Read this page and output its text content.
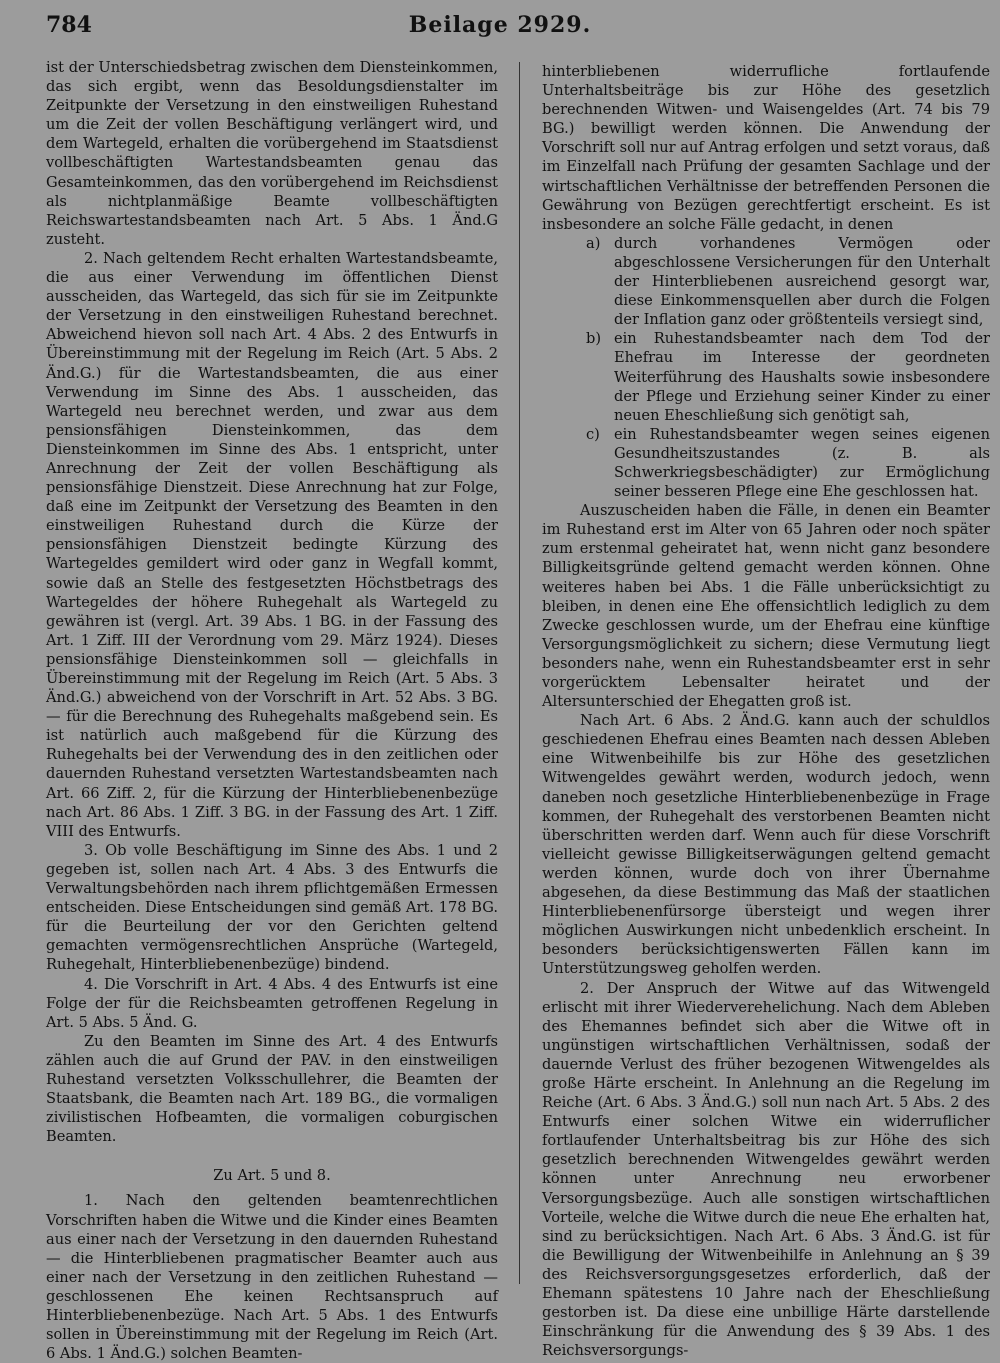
784	Beilage 2929.

ist der Unterschiedsbetrag zwischen dem Diensteinkommen, das sich ergibt, wenn das Besoldungsdienstalter im Zeitpunkte der Versetzung in den einstweiligen Ruhestand um die Zeit der vollen Beschäftigung verlängert wird, und dem Wartegeld, erhalten die vorübergehend im Staatsdienst vollbeschäftigten Wartestandsbeamten genau das Gesamteinkommen, das den vorübergehend im Reichsdienst als nichtplanmäßige Beamte vollbeschäftigten Reichswartestandsbeamten nach Art. 5 Abs. 1 Änd.G zusteht.

2. Nach geltendem Recht erhalten Wartestandsbeamte, die aus einer Verwendung im öffentlichen Dienst ausscheiden, das Wartegeld, das sich für sie im Zeitpunkte der Versetzung in den einstweiligen Ruhestand berechnet. Abweichend hievon soll nach Art. 4 Abs. 2 des Entwurfs in Übereinstimmung mit der Regelung im Reich (Art. 5 Abs. 2 Änd.G.) für die Wartestandsbeamten, die aus einer Verwendung im Sinne des Abs. 1 ausscheiden, das Wartegeld neu berechnet werden, und zwar aus dem pensionsfähigen Diensteinkommen, das dem Diensteinkommen im Sinne des Abs. 1 entspricht, unter Anrechnung der Zeit der vollen Beschäftigung als pensionsfähige Dienstzeit. Diese Anrechnung hat zur Folge, daß eine im Zeitpunkt der Versetzung des Beamten in den einstweiligen Ruhestand durch die Kürze der pensionsfähigen Dienstzeit bedingte Kürzung des Wartegeldes gemildert wird oder ganz in Wegfall kommt, sowie daß an Stelle des festgesetzten Höchstbetrags des Wartegeldes der höhere Ruhegehalt als Wartegeld zu gewähren ist (vergl. Art. 39 Abs. 1 BG. in der Fassung des Art. 1 Ziff. III der Verordnung vom 29. März 1924). Dieses pensionsfähige Diensteinkommen soll — gleichfalls in Übereinstimmung mit der Regelung im Reich (Art. 5 Abs. 3 Änd.G.) abweichend von der Vorschrift in Art. 52 Abs. 3 BG. — für die Berechnung des Ruhegehalts maßgebend sein. Es ist natürlich auch maßgebend für die Kürzung des Ruhegehalts bei der Verwendung des in den zeitlichen oder dauernden Ruhestand versetzten Wartestandsbeamten nach Art. 66 Ziff. 2, für die Kürzung der Hinterbliebenenbezüge nach Art. 86 Abs. 1 Ziff. 3 BG. in der Fassung des Art. 1 Ziff. VIII des Entwurfs.

3. Ob volle Beschäftigung im Sinne des Abs. 1 und 2 gegeben ist, sollen nach Art. 4 Abs. 3 des Entwurfs die Verwaltungsbehörden nach ihrem pflichtgemäßen Ermessen entscheiden. Diese Entscheidungen sind gemäß Art. 178 BG. für die Beurteilung der vor den Gerichten geltend gemachten vermögensrechtlichen Ansprüche (Wartegeld, Ruhegehalt, Hinterbliebenenbezüge) bindend.

4. Die Vorschrift in Art. 4 Abs. 4 des Entwurfs ist eine Folge der für die Reichsbeamten getroffenen Regelung in Art. 5 Abs. 5 Änd. G.

Zu den Beamten im Sinne des Art. 4 des Entwurfs zählen auch die auf Grund der PAV. in den einstweiligen Ruhestand versetzten Volksschullehrer, die Beamten der Staatsbank, die Beamten nach Art. 189 BG., die vormaligen zivilistischen Hofbeamten, die vormaligen coburgischen Beamten.

Zu Art. 5 und 8.

1. Nach den geltenden beamtenrechtlichen Vorschriften haben die Witwe und die Kinder eines Beamten aus einer nach der Versetzung in den dauernden Ruhestand — die Hinterbliebenen pragmatischer Beamter auch aus einer nach der Versetzung in den zeitlichen Ruhestand — geschlossenen Ehe keinen Rechtsanspruch auf Hinterbliebenenbezüge. Nach Art. 5 Abs. 1 des Entwurfs sollen in Übereinstimmung mit der Regelung im Reich (Art. 6 Abs. 1 Änd.G.) solchen Beamten-

hinterbliebenen widerrufliche fortlaufende Unterhaltsbeiträge bis zur Höhe des gesetzlich berechnenden Witwen- und Waisengeldes (Art. 74 bis 79 BG.) bewilligt werden können. Die Anwendung der Vorschrift soll nur auf Antrag erfolgen und setzt voraus, daß im Einzelfall nach Prüfung der gesamten Sachlage und der wirtschaftlichen Verhältnisse der betreffenden Personen die Gewährung von Bezügen gerechtfertigt erscheint. Es ist insbesondere an solche Fälle gedacht, in denen

a) durch vorhandenes Vermögen oder abgeschlossene Versicherungen für den Unterhalt der Hinterbliebenen ausreichend gesorgt war, diese Einkommensquellen aber durch die Folgen der Inflation ganz oder größtenteils versiegt sind,
b) ein Ruhestandsbeamter nach dem Tod der Ehefrau im Interesse der geordneten Weiterführung des Haushalts sowie insbesondere der Pflege und Erziehung seiner Kinder zu einer neuen Eheschließung sich genötigt sah,
c) ein Ruhestandsbeamter wegen seines eigenen Gesundheitszustandes (z. B. als Schwerkriegsbeschädigter) zur Ermöglichung seiner besseren Pflege eine Ehe geschlossen hat.

Auszuscheiden haben die Fälle, in denen ein Beamter im Ruhestand erst im Alter von 65 Jahren oder noch später zum erstenmal geheiratet hat, wenn nicht ganz besondere Billigkeitsgründe geltend gemacht werden können. Ohne weiteres haben bei Abs. 1 die Fälle unberücksichtigt zu bleiben, in denen eine Ehe offensichtlich lediglich zu dem Zwecke geschlossen wurde, um der Ehefrau eine künftige Versorgungsmöglichkeit zu sichern; diese Vermutung liegt besonders nahe, wenn ein Ruhestandsbeamter erst in sehr vorgerücktem Lebensalter heiratet und der Altersunterschied der Ehegatten groß ist.

Nach Art. 6 Abs. 2 Änd.G. kann auch der schuldlos geschiedenen Ehefrau eines Beamten nach dessen Ableben eine Witwenbeihilfe bis zur Höhe des gesetzlichen Witwengeldes gewährt werden, wodurch jedoch, wenn daneben noch gesetzliche Hinterbliebenenbezüge in Frage kommen, der Ruhegehalt des verstorbenen Beamten nicht überschritten werden darf. Wenn auch für diese Vorschrift vielleicht gewisse Billigkeitserwägungen geltend gemacht werden können, wurde doch von ihrer Übernahme abgesehen, da diese Bestimmung das Maß der staatlichen Hinterbliebenenfürsorge übersteigt und wegen ihrer möglichen Auswirkungen nicht unbedenklich erscheint. In besonders berücksichtigenswerten Fällen kann im Unterstützungsweg geholfen werden.

2. Der Anspruch der Witwe auf das Witwengeld erlischt mit ihrer Wiederverehelichung. Nach dem Ableben des Ehemannes befindet sich aber die Witwe oft in ungünstigen wirtschaftlichen Verhältnissen, sodaß der dauernde Verlust des früher bezogenen Witwengeldes als große Härte erscheint. In Anlehnung an die Regelung im Reiche (Art. 6 Abs. 3 Änd.G.) soll nun nach Art. 5 Abs. 2 des Entwurfs einer solchen Witwe ein widerruflicher fortlaufender Unterhaltsbeitrag bis zur Höhe des sich gesetzlich berechnenden Witwengeldes gewährt werden können unter Anrechnung neu erworbener Versorgungsbezüge. Auch alle sonstigen wirtschaftlichen Vorteile, welche die Witwe durch die neue Ehe erhalten hat, sind zu berücksichtigen. Nach Art. 6 Abs. 3 Änd.G. ist für die Bewilligung der Witwenbeihilfe in Anlehnung an § 39 des Reichsversorgungsgesetzes erforderlich, daß der Ehemann spätestens 10 Jahre nach der Eheschließung gestorben ist. Da diese eine unbillige Härte darstellende Einschränkung für die Anwendung des § 39 Abs. 1 des Reichsversorgungs-
